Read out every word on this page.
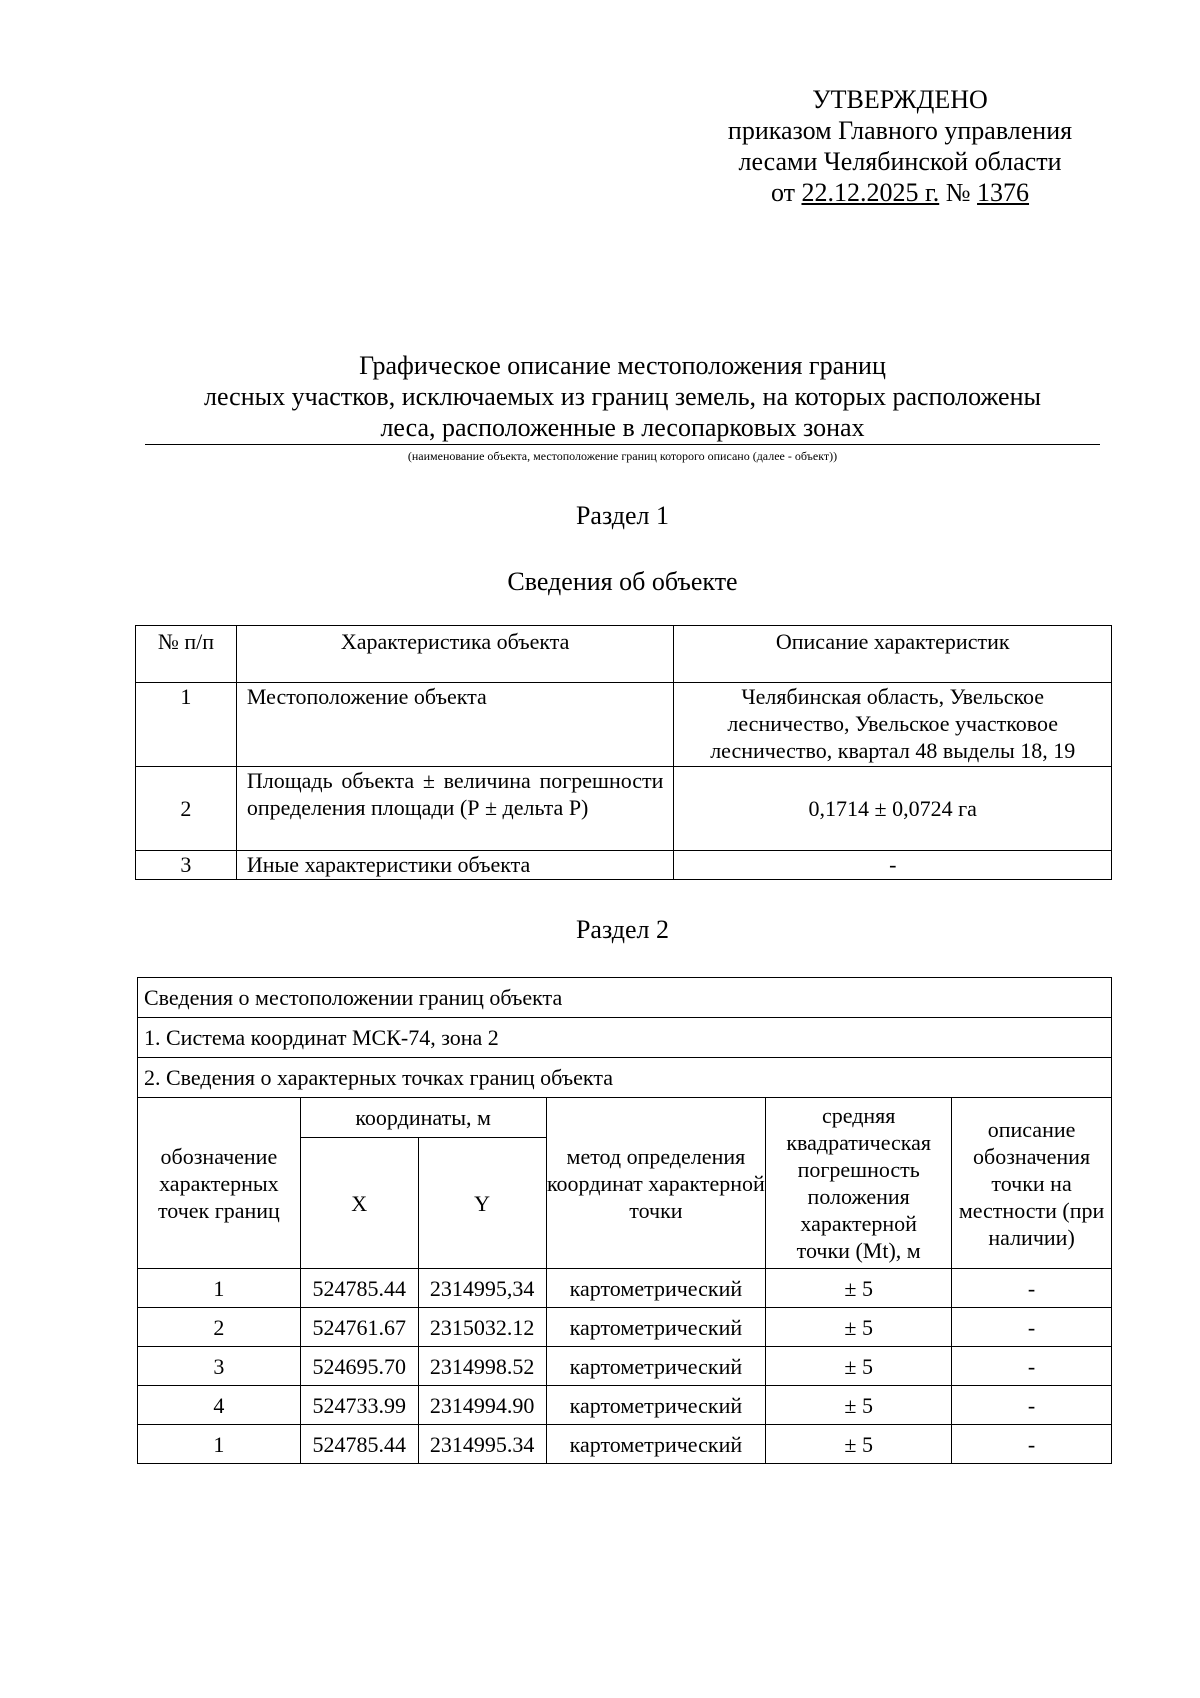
УТВЕРЖДЕНО
приказом Главного управления
лесами Челябинской области
от 22.12.2025 г. № 1376
Графическое описание местоположения границ
лесных участков, исключаемых из границ земель, на которых расположены
леса, расположенные в лесопарковых зонах
(наименование объекта, местоположение границ которого описано (далее - объект))
Раздел 1
Сведения об объекте
№ п/п	Характеристика объекта	Описание характеристик
1	Местоположение объекта	Челябинская область, Увельское лесничество, Увельское участковое лесничество, квартал 48 выделы 18, 19
2	Площадь объекта ± величина погрешности определения площади (Р ± дельта Р)	0,1714 ± 0,0724 га
3	Иные характеристики объекта	-
Раздел 2
Сведения о местоположении границ объекта					
1. Система координат МСК-74, зона 2					
2. Сведения о характерных точках границ объекта					
обозначение характерных точек границ	координаты, м		метод определения координат характерной точки	средняя квадратическая погрешность положения характерной точки (Mt), м	описание обозначения точки на местности (при наличии)
	X	Y			
1	524785.44	2314995,34	картометрический	± 5	-
2	524761.67	2315032.12	картометрический	± 5	-
3	524695.70	2314998.52	картометрический	± 5	-
4	524733.99	2314994.90	картометрический	± 5	-
1	524785.44	2314995.34	картометрический	± 5	-
